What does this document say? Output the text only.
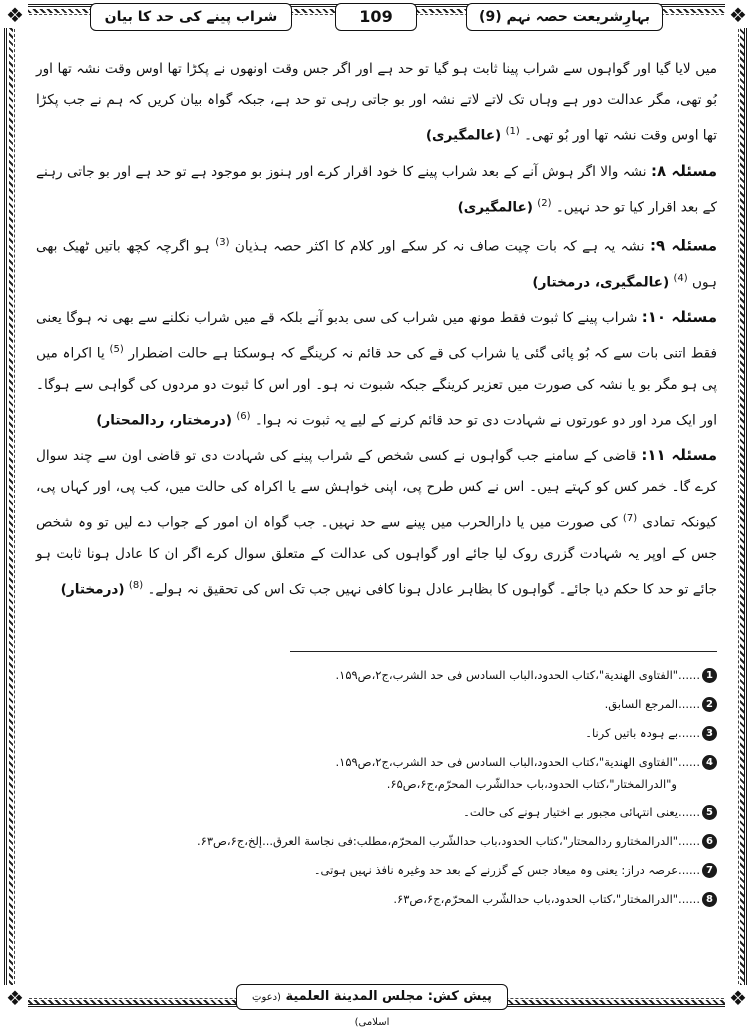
❖	❖
❖	❖
بہارِشریعت حصہ نہم (9)
109
شراب پینے کی حد کا بیان

میں لایا گیا اور گواہوں سے شراب پینا ثابت ہو گیا تو حد ہے اور اگر جس وقت اونھوں نے پکڑا تھا اوس وقت نشہ تھا اور بُو تھی، مگر عدالت دور ہے وہاں تک لاتے لاتے نشہ اور بو جاتی رہی تو حد ہے، جبکہ گواہ بیان کریں کہ ہم نے جب پکڑا تھا اوس وقت نشہ تھا اور بُو تھی۔ $^{(1)}$ (عالمگیری)

مسئلہ ۸: نشہ والا اگر ہوش آنے کے بعد شراب پینے کا خود اقرار کرے اور ہنوز بو موجود ہے تو حد ہے اور بو جاتی رہنے کے بعد اقرار کیا تو حد نہیں۔ $^{(2)}$ (عالمگیری)

مسئلہ ۹: نشہ یہ ہے کہ بات چیت صاف نہ کر سکے اور کلام کا اکثر حصہ ہذیان $^{(3)}$ ہو اگرچہ کچھ باتیں ٹھیک بھی ہوں $^{(4)}$ (عالمگیری، درمختار)

مسئلہ ۱۰: شراب پینے کا ثبوت فقط مونھ میں شراب کی سی بدبو آنے بلکہ قے میں شراب نکلنے سے بھی نہ ہوگا یعنی فقط اتنی بات سے کہ بُو پائی گئی یا شراب کی قے کی حد قائم نہ کرینگے کہ ہوسکتا ہے حالت اضطرار $^{(5)}$ یا اکراہ میں پی ہو مگر بو یا نشہ کی صورت میں تعزیر کرینگے جبکہ شبوت نہ ہو۔ اور اس کا ثبوت دو مردوں کی گواہی سے ہوگا۔ اور ایک مرد اور دو عورتوں نے شہادت دی تو حد قائم کرنے کے لیے یہ ثبوت نہ ہوا۔ $^{(6)}$ (درمختار، ردالمحتار)

مسئلہ ۱۱: قاضی کے سامنے جب گواہوں نے کسی شخص کے شراب پینے کی شہادت دی تو قاضی اون سے چند سوال کرے گا۔ خمر کس کو کہتے ہیں۔ اس نے کس طرح پی، اپنی خواہش سے یا اکراہ کی حالت میں، کب پی، اور کہاں پی، کیونکہ تمادی $^{(7)}$ کی صورت میں یا دارالحرب میں پینے سے حد نہیں۔ جب گواہ ان امور کے جواب دے لیں تو وہ شخص جس کے اوپر یہ شہادت گزری روک لیا جائے اور گواہوں کی عدالت کے متعلق سوال کرے اگر ان کا عادل ہونا ثابت ہو جائے تو حد کا حکم دیا جائے۔ گواہوں کا بظاہر عادل ہونا کافی نہیں جب تک اس کی تحقیق نہ ہولے۔ $^{(8)}$ (درمختار)

1
......"الفتاوی الهندیة"،کتاب الحدود،الباب السادس فی حد الشرب،ج۲،ص۱۵۹.
2
......المرجع السابق.
3
......بے ہودہ باتیں کرنا۔
4
......"الفتاوی الهندیة"،کتاب الحدود،الباب السادس فی حد الشرب،ج۲،ص۱۵۹.
و"الدرالمختار"،کتاب الحدود،باب حدالشّرب المحرّم،ج۶،ص۶۵.
5
......یعنی انتہائی مجبور بے اختیار ہونے کی حالت۔
6
......"الدرالمختارو ردالمحتار"،کتاب الحدود،باب حدالشّرب المحرّم،مطلب:فی نجاسة العرق...إلخ،ج۶،ص۶۳.
7
......عرصہ دراز: یعنی وہ میعاد جس کے گزرنے کے بعد حد وغیرہ نافذ نہیں ہوتی۔
8
......"الدرالمختار"،کتاب الحدود،باب حدالشّرب المحرّم،ج۶،ص۶۳.
پیش کش: مجلس المدینة العلمیة (دعوتِ اسلامی)
